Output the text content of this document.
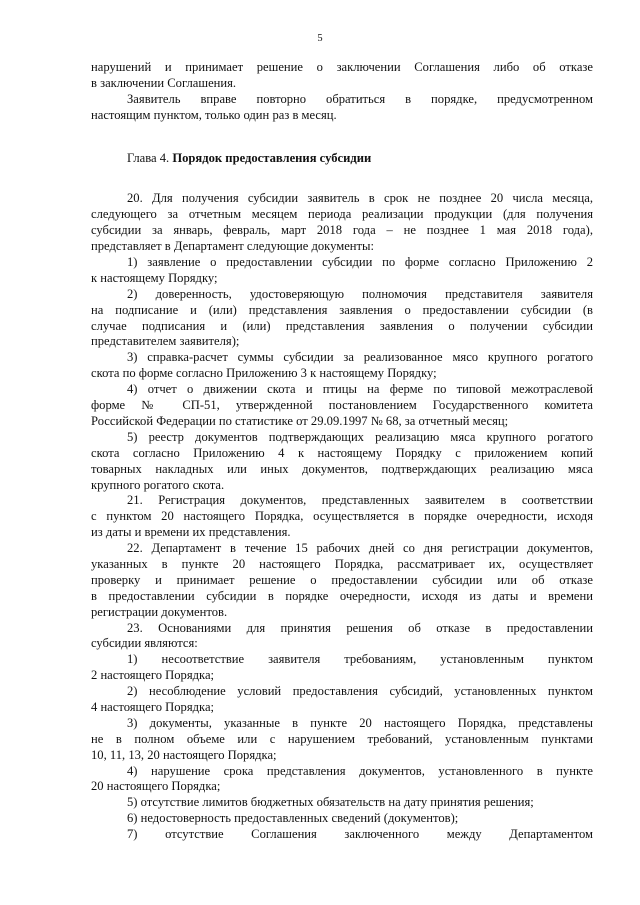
5
нарушений и принимает решение о заключении Соглашения либо об отказе
в заключении Соглашения.
Заявитель вправе повторно обратиться в порядке, предусмотренном
настоящим пунктом, только один раз в месяц.
Глава 4. Порядок предоставления субсидии
20. Для получения субсидии заявитель в срок не позднее 20 числа месяца,
следующего за отчетным месяцем периода реализации продукции (для получения
субсидии за январь, февраль, март 2018 года – не позднее 1 мая 2018 года),
представляет в Департамент следующие документы:
1) заявление о предоставлении субсидии по форме согласно Приложению 2
к настоящему Порядку;
2) доверенность, удостоверяющую полномочия представителя заявителя
на подписание и (или) представления заявления о предоставлении субсидии (в
случае подписания и (или) представления заявления о получении субсидии
представителем заявителя);
3) справка-расчет суммы субсидии за реализованное мясо крупного рогатого
скота по форме согласно Приложению 3 к настоящему Порядку;
4) отчет о движении скота и птицы на ферме по типовой межотраслевой
форме № СП-51, утвержденной постановлением Государственного комитета
Российской Федерации по статистике от 29.09.1997 № 68, за отчетный месяц;
5) реестр документов подтверждающих реализацию мяса крупного рогатого
скота согласно Приложению 4 к настоящему Порядку с приложением копий
товарных накладных или иных документов, подтверждающих реализацию мяса
крупного рогатого скота.
21. Регистрация документов, представленных заявителем в соответствии
с пунктом 20 настоящего Порядка, осуществляется в порядке очередности, исходя
из даты и времени их представления.
22. Департамент в течение 15 рабочих дней со дня регистрации документов,
указанных в пункте 20 настоящего Порядка, рассматривает их, осуществляет
проверку и принимает решение о предоставлении субсидии или об отказе
в предоставлении субсидии в порядке очередности, исходя из даты и времени
регистрации документов.
23. Основаниями для принятия решения об отказе в предоставлении
субсидии являются:
1) несоответствие заявителя требованиям, установленным пунктом
2 настоящего Порядка;
2) несоблюдение условий предоставления субсидий, установленных пунктом
4 настоящего Порядка;
3) документы, указанные в пункте 20 настоящего Порядка, представлены
не в полном объеме или с нарушением требований, установленным пунктами
10, 11, 13, 20 настоящего Порядка;
4) нарушение срока представления документов, установленного в пункте
20 настоящего Порядка;
5) отсутствие лимитов бюджетных обязательств на дату принятия решения;
6) недостоверность предоставленных сведений (документов);
7) отсутствие Соглашения заключенного между Департаментом
